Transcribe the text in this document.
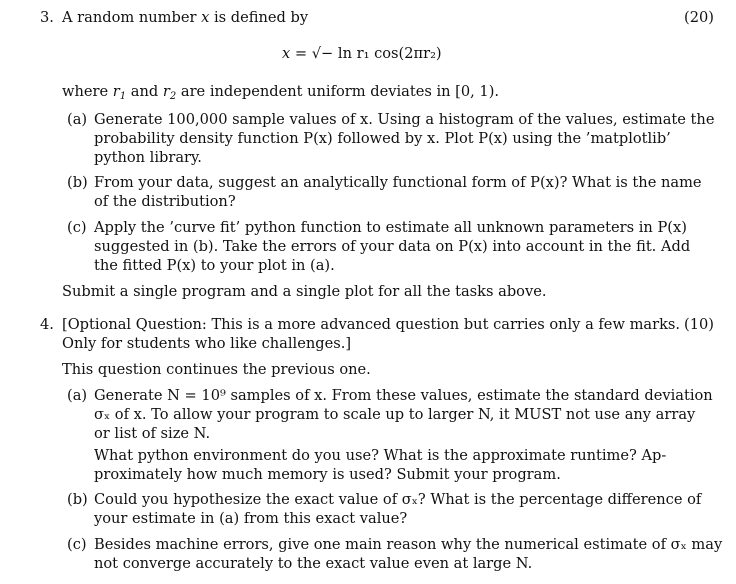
3. A random number x is defined by	(20)
x = √− ln r₁ cos(2πr₂)
where $r_1$ and $r_2$ are independent uniform deviates in [0, 1).
(a) Generate 100,000 sample values of x. Using a histogram of the values, estimate the
probability density function P(x) followed by x. Plot P(x) using the ’matplotlib’
python library.
(b) From your data, suggest an analytically functional form of P(x)? What is the name
of the distribution?
(c) Apply the ’curve fit’ python function to estimate all unknown parameters in P(x)
suggested in (b). Take the errors of your data on P(x) into account in the fit. Add
the fitted P(x) to your plot in (a).
Submit a single program and a single plot for all the tasks above.
4. [Optional Question: This is a more advanced question but carries only a few marks. (10)
Only for students who like challenges.]
This question continues the previous one.
(a) Generate N = 10⁹ samples of x. From these values, estimate the standard deviation
σₓ of x. To allow your program to scale up to larger N, it MUST not use any array
or list of size N.
What python environment do you use? What is the approximate runtime? Ap-
proximately how much memory is used? Submit your program.
(b) Could you hypothesize the exact value of σₓ? What is the percentage difference of
your estimate in (a) from this exact value?
(c) Besides machine errors, give one main reason why the numerical estimate of σₓ may
not converge accurately to the exact value even at large N.
